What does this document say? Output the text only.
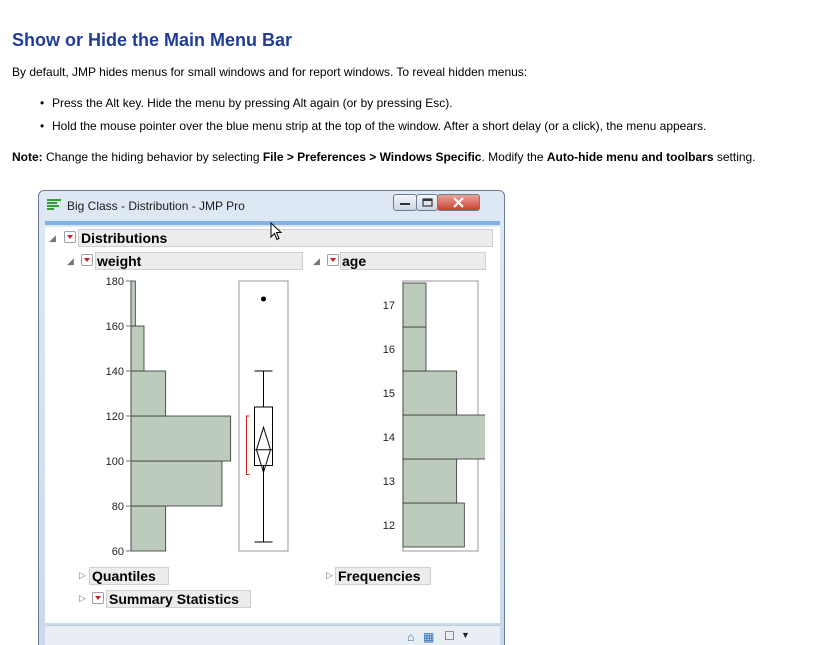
Show or Hide the Main Menu Bar
By default, JMP hides menus for small windows and for report windows. To reveal hidden menus:
• Press the Alt key. Hide the menu by pressing Alt again (or by pressing Esc).
• Hold the mouse pointer over the blue menu strip at the top of the window. After a short delay (or a click), the menu appears.
Note: Change the hiding behavior by selecting File > Preferences > Windows Specific. Modify the Auto-hide menu and toolbars setting.
Big Class - Distribution - JMP Pro
◢ Distributions
◢ weight	◢ age
60
80
100
120
140
160
180
12
13
14
15
16
17
▷ Quantiles
▷ Summary Statistics
▷ Frequencies
⌂ ▦ ☐ ▼
